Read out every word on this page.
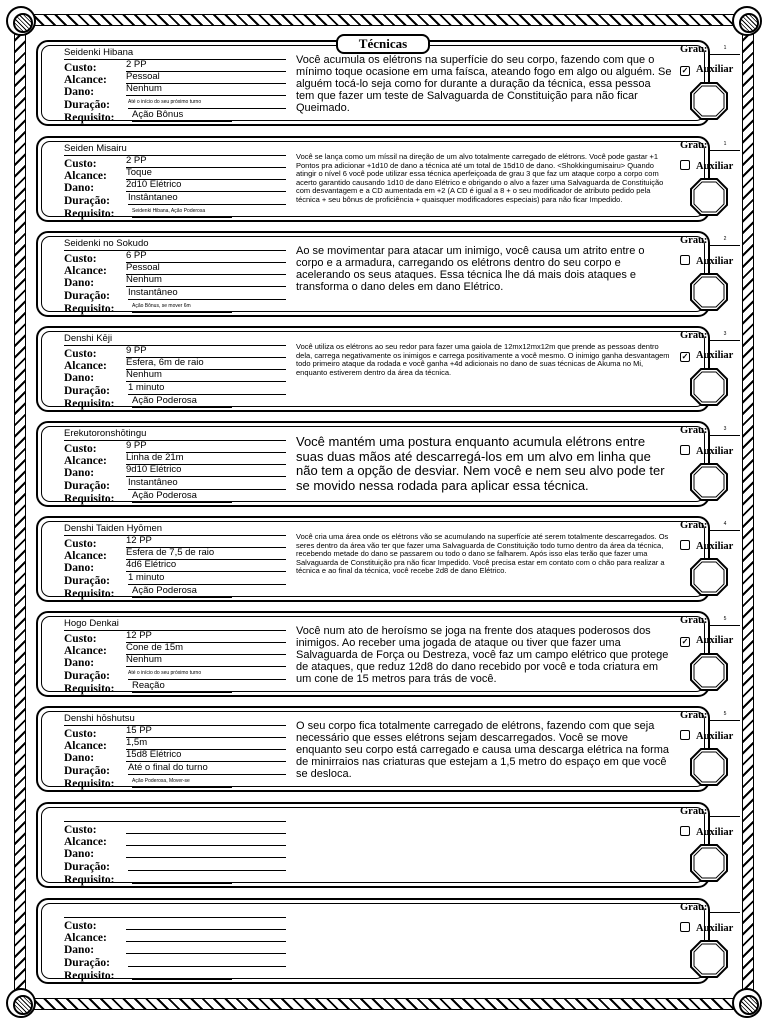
Técnicas
Seidenki Hibana
Custo:	2 PP
Alcance: Pessoal
Dano:	Nenhum
Duração:	Até o início do seu próximo turno
Requisito: Ação Bônus
Você acumula os elétrons na superfície do seu corpo, fazendo com que o mínimo toque ocasione em uma faísca, ateando fogo em algo ou alguém. Se alguém tocá-lo seja como for durante a duração da técnica, essa pessoa tem que fazer um teste de Salvaguarda de Constituição para não ficar Queimado.
Grau:	1
✓ Auxiliar
Seiden Misairu
Custo:	2 PP
Alcance: Toque
Dano:	2d10 Elétrico
Duração: Instântaneo
Requisito:	Seidenki Hibana, Ação Poderosa
Você se lança como um míssil na direção de um alvo totalmente carregado de elétrons. Você pode gastar +1 Pontos pra adicionar +1d10 de dano a técnica até um total de 15d10 de dano. <Shokkingumisairu> Quando atingir o nível 6 você pode utilizar essa técnica aperfeiçoada de grau 3 que faz um ataque corpo a corpo com acerto garantido causando 1d10 de dano Elétrico e obrigando o alvo a fazer uma Salvaguarda de Constituição com desvantagem e a CD aumentada em +2 (A CD é igual a 8 + o seu modificador de atributo pedido pela técnica + seu bônus de proficiência + quaisquer modificadores especiais) para não ficar Impedido.
Grau:	1
Auxiliar
Seidenki no Sokudo
Custo:	6 PP
Alcance: Pessoal
Dano:	Nenhum
Duração: Instantâneo
Requisito:	Ação Bônus, se mover 6m
Ao se movimentar para atacar um inimigo, você causa um atrito entre o corpo e a armadura, carregando os elétrons dentro do seu corpo e acelerando os seus ataques. Essa técnica lhe dá mais dois ataques e transforma o dano deles em dano Elétrico.
Grau:	2
Auxiliar
Denshi Kēji
Custo:	9 PP
Alcance: Esfera, 6m de raio
Dano:	Nenhum
Duração: 1 minuto
Requisito: Ação Poderosa
Você utiliza os elétrons ao seu redor para fazer uma gaiola de 12mx12mx12m que prende as pessoas dentro dela, carrega negativamente os inimigos e carrega positivamente a você mesmo. O inimigo ganha desvantagem todo primeiro ataque da rodada e você ganha +4d adicionais no dano de suas técnicas de Akuma no Mi, enquanto estiverem dentro da área da técnica.
Grau:	3
✓ Auxiliar
Erekutoronshōtingu
Custo:	9 PP
Alcance: Linha de 21m
Dano:	9d10 Elétrico
Duração: Instantâneo
Requisito: Ação Poderosa
Você mantém uma postura enquanto acumula elétrons entre suas duas mãos até descarregá-los em um alvo em linha que não tem a opção de desviar. Nem você e nem seu alvo pode ter se movido nessa rodada para aplicar essa técnica.
Grau:	3
Auxiliar
Denshi Taiden Hyōmen
Custo:	12 PP
Alcance: Esfera de 7,5 de raio
Dano:	4d6 Elétrico
Duração: 1 minuto
Requisito: Ação Poderosa
Você cria uma área onde os elétrons vão se acumulando na superfície até serem totalmente descarregados. Os seres dentro da área vão ter que fazer uma Salvaguarda de Constituição todo turno dentro da área da técnica, recebendo metade do dano se passarem ou todo o dano se falharem. Após isso elas terão que fazer uma Salvaguarda de Constituição pra não ficar Impedido. Você precisa estar em contato com o chão para realizar a técnica e ao final da técnica, você recebe 2d8 de dano Elétrico.
Grau:	4
Auxiliar
Hogo Denkai
Custo:	12 PP
Alcance: Cone de 15m
Dano:	Nenhum
Duração:	Até o início do seu próximo turno
Requisito: Reação
Você num ato de heroísmo se joga na frente dos ataques poderosos dos inimigos. Ao receber uma jogada de ataque ou tiver que fazer uma Salvaguarda de Força ou Destreza, você faz um campo elétrico que protege de ataques, que reduz 12d8 do dano recebido por você e toda criatura em um cone de 15 metros para trás de você.
Grau:	5
✓ Auxiliar
Denshi hōshutsu
Custo:	15 PP
Alcance: 1,5m
Dano:	15d8 Elétrico
Duração: Até o final do turno
Requisito:	Ação Poderosa, Mover-se
O seu corpo fica totalmente carregado de elétrons, fazendo com que seja necessário que esses elétrons sejam descarregados. Você se move enquanto seu corpo está carregado e causa uma descarga elétrica na forma de minirraios nas criaturas que estejam a 1,5 metro do espaço em que você se desloca.
Grau:	5
Auxiliar
Custo:
Alcance:
Dano:
Duração:
Requisito:
Grau:
Auxiliar
Custo:
Alcance:
Dano:
Duração:
Requisito:
Grau:
Auxiliar
